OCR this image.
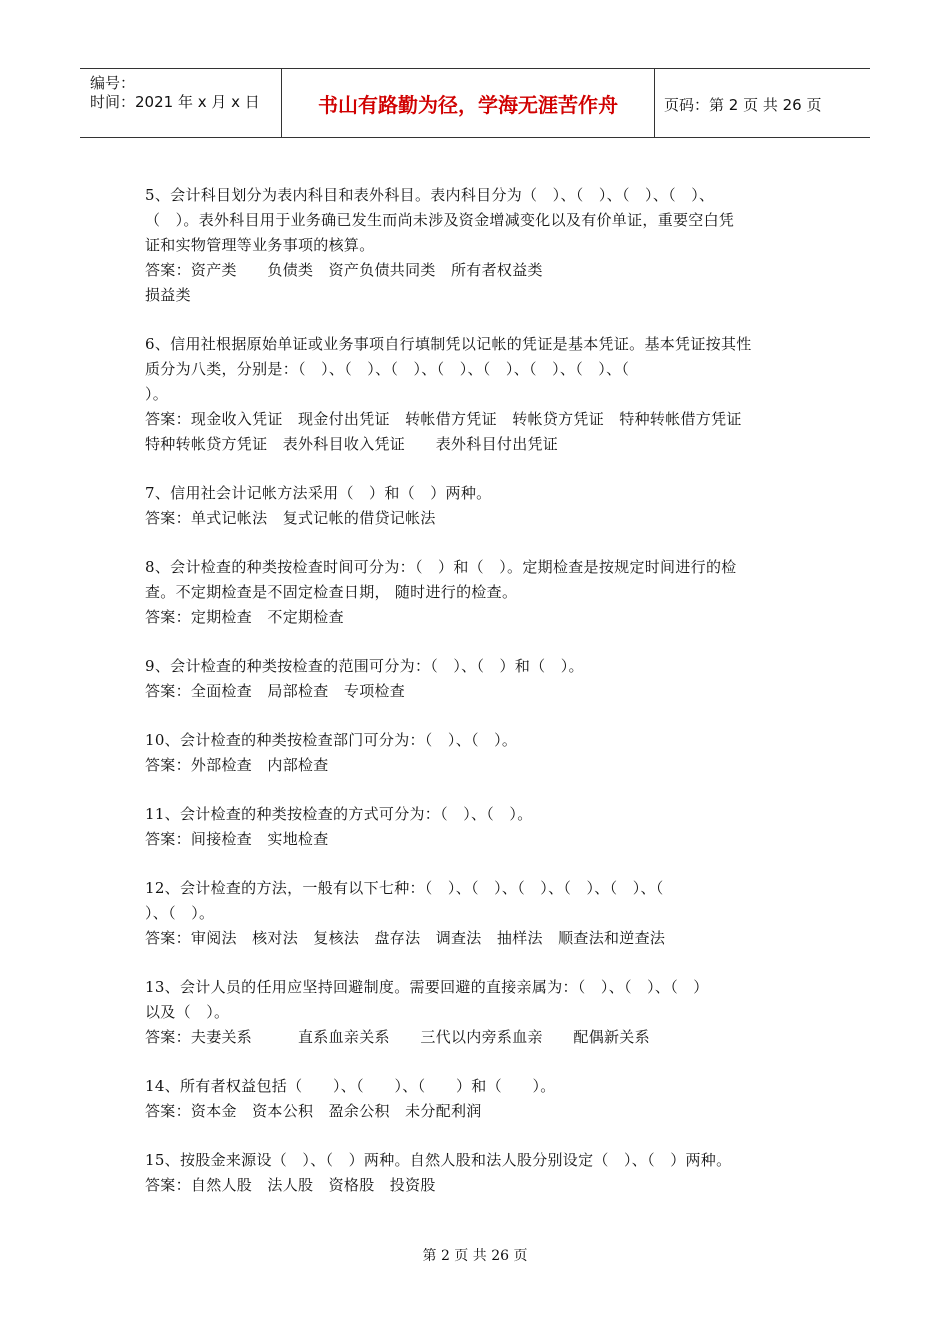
编号：
时间：2021 年 x 月 x 日	书山有路勤为径，学海无涯苦作舟	页码：第 2 页 共 26 页
5、会计科目划分为表内科目和表外科目。表内科目分为（　）、（　）、（　）、（　）、
（　）。表外科目用于业务确已发生而尚未涉及资金增减变化以及有价单证，重要空白凭
证和实物管理等业务事项的核算。
答案：资产类　　负债类　资产负债共同类　所有者权益类
损益类
6、信用社根据原始单证或业务事项自行填制凭以记帐的凭证是基本凭证。基本凭证按其性
质分为八类，分别是：（　）、（　）、（　）、（　）、（　）、（　）、（　）、（
）。
答案：现金收入凭证　现金付出凭证　转帐借方凭证　转帐贷方凭证　特种转帐借方凭证
特种转帐贷方凭证　表外科目收入凭证　　表外科目付出凭证
7、信用社会计记帐方法采用（　）和（　）两种。
答案：单式记帐法　复式记帐的借贷记帐法
8、会计检查的种类按检查时间可分为：（　）和（　）。定期检查是按规定时间进行的检
查。不定期检查是不固定检查日期， 随时进行的检查。
答案：定期检查　不定期检查
9、会计检查的种类按检查的范围可分为：（　）、（　）和（　）。
答案：全面检查　局部检查　专项检查
10、会计检查的种类按检查部门可分为：（　）、（　）。
答案：外部检查　内部检查
11、会计检查的种类按检查的方式可分为：（　）、（　）。
答案：间接检查　实地检查
12、会计检查的方法，一般有以下七种：（　）、（　）、（　）、（　）、（　）、（
）、（　）。
答案：审阅法　核对法　复核法　盘存法　调查法　抽样法　顺查法和逆查法
13、会计人员的任用应坚持回避制度。需要回避的直接亲属为：（　）、（　）、（　）
以及（　）。
答案：夫妻关系　　　直系血亲关系　　三代以内旁系血亲　　配偶新关系
14、所有者权益包括（　　）、（　　）、（　　）和（　　）。
答案：资本金　资本公积　盈余公积　未分配利润
15、按股金来源设（　）、（　）两种。自然人股和法人股分别设定（　）、（　）两种。
答案：自然人股　法人股　资格股　投资股
第 2 页 共 26 页
